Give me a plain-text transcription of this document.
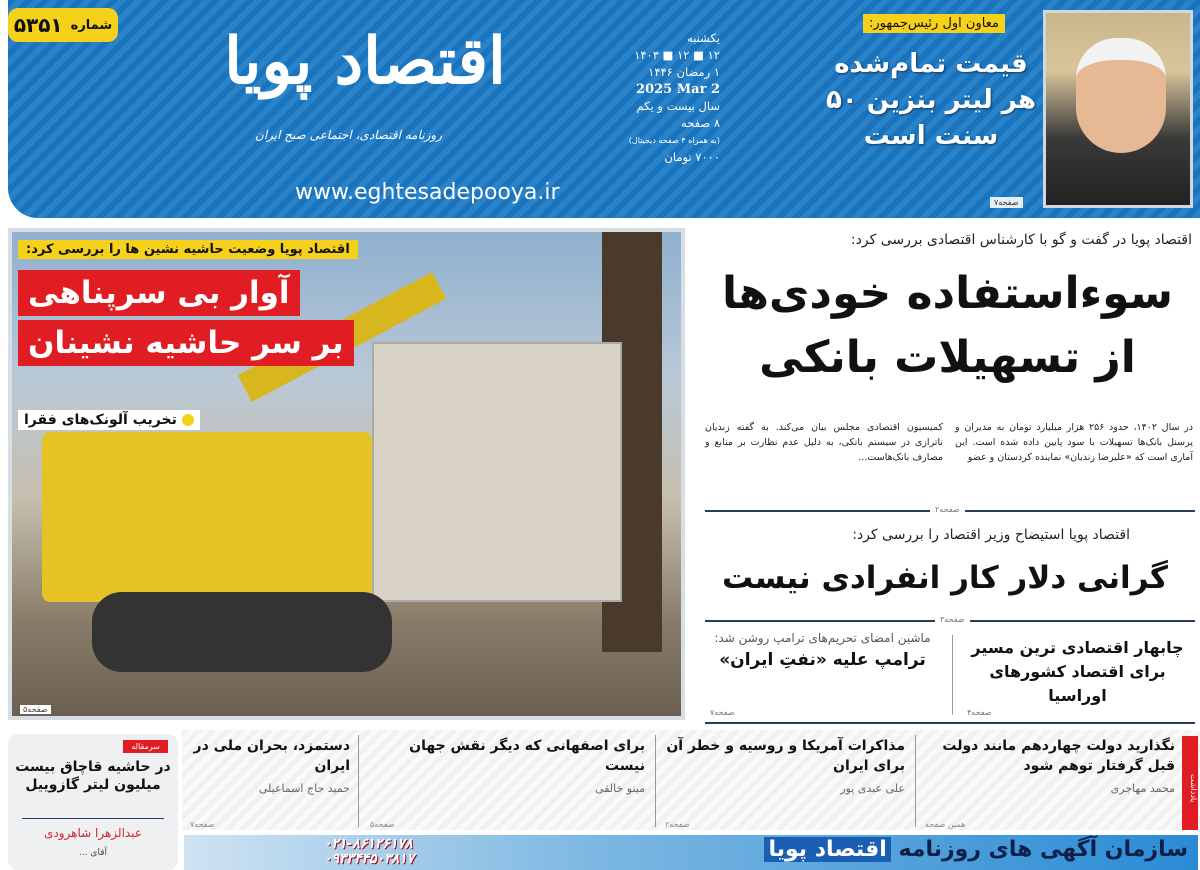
شماره
۵۳۵۱	اقتصاد پویا
روزنامه اقتصادی، اجتماعی صبح ایران
www.eghtesadepooya.ir
یکشنبه
۱۲ ■ ۱۲ ■ ۱۴۰۳
۱ رمضان ۱۴۴۶
2025 Mar 2
سال بیست و یکم
۸ صفحه
(به همراه ۴ صفحه دیجیتال)
۷۰۰۰ تومان
معاون اول رئیس‌جمهور:
قیمت تمام‌شده هر لیتر بنزین ۵۰ سنت است
صفحه۷
اقتصاد پویا وضعیت حاشیه نشین ها را بررسی کرد:
آوار بی سرپناهی
بر سر حاشیه نشینان
تخریب آلونک‌های فقرا
صفحه۵
اقتصاد پویا در گفت و گو با کارشناس اقتصادی بررسی کرد:
سوءاستفاده خودی‌ها از تسهیلات بانکی
در سال ۱۴۰۲، حدود ۲۵۶ هزار میلیارد تومان به مدیران و پرسنل بانک‌ها تسهیلات با سود پایین داده شده است. این آماری است که «علیرضا زندیان» نماینده کردستان و عضو
کمیسیون اقتصادی مجلس بیان می‌کند. به گفته زندیان ناترازی در سیستم بانکی، به دلیل عدم نظارت بر منابع و مصارف بانک‌هاست...
صفحه۲
اقتصاد پویا استیضاح وزیر اقتصاد را بررسی کرد:
گرانی دلار کار انفرادی نیست
صفحه۳
چابهار اقتصادی ترین مسیر برای اقتصاد کشورهای اوراسیا
صفحه۴
ماشین امضای تحریم‌های ترامپ روشن شد:
ترامپ علیه «نفتِ ایران»
صفحه۷
سرمقاله
در حاشیه قاچاق بیست میلیون لیتر گازوییل
عبدالزهرا شاهرودی
آقای ...
یادداشت
نگذارید دولت چهاردهم مانند دولت قبل گرفتار توهم شود
محمد مهاجری
همین صفحه
مذاکرات آمریکا و روسیه و خطر آن برای ایران
علی عبدی پور
صفحه۲
برای اصفهانی که دیگر نقش جهان نیست
مینو خالقی
صفحه۵
دستمزد، بحران ملی در ایران
حمید حاج اسماعیلی
صفحه۷
سازمان آگهی های روزنامه اقتصاد پویا
۰۲۱-۸۶۱۲۶۱۷۸
۰۹۳۳۴۴۵۰۳۸۱۷
